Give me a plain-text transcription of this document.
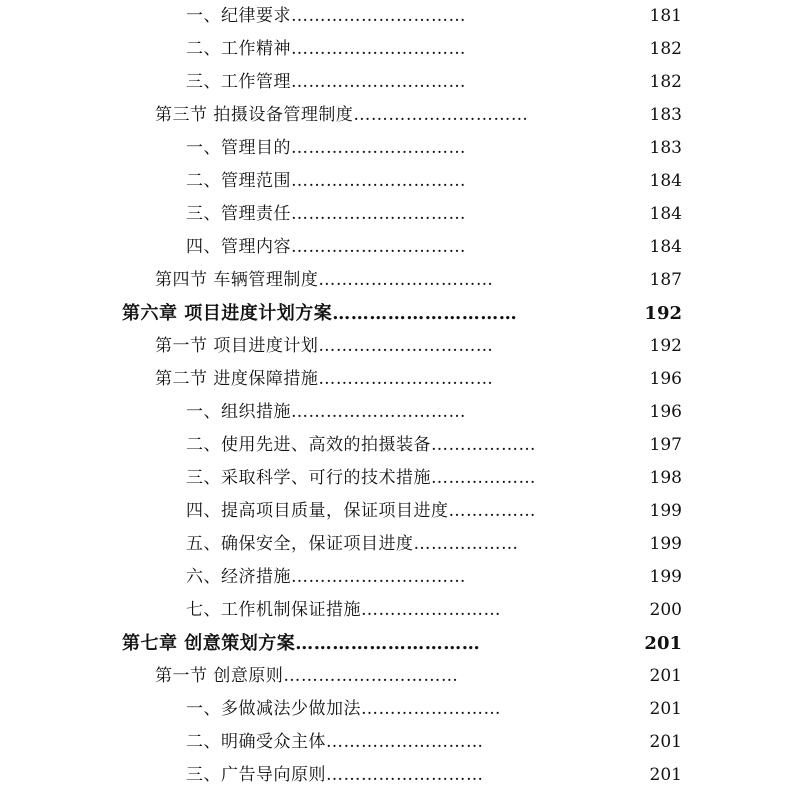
一、纪律要求…………………………	181
二、工作精神…………………………	182
三、工作管理…………………………	182
第三节 拍摄设备管理制度…………………………	183
一、管理目的…………………………	183
二、管理范围…………………………	184
三、管理责任…………………………	184
四、管理内容…………………………	184
第四节 车辆管理制度…………………………	187
第六章 项目进度计划方案…………………………	192
第一节 项目进度计划…………………………	192
第二节 进度保障措施…………………………	196
一、组织措施…………………………	196
二、使用先进、高效的拍摄装备………………	197
三、采取科学、可行的技术措施………………	198
四、提高项目质量，保证项目进度……………	199
五、确保安全，保证项目进度………………	199
六、经济措施…………………………	199
七、工作机制保证措施……………………	200
第七章 创意策划方案…………………………	201
第一节 创意原则…………………………	201
一、多做减法少做加法……………………	201
二、明确受众主体………………………	201
三、广告导向原则………………………	201
